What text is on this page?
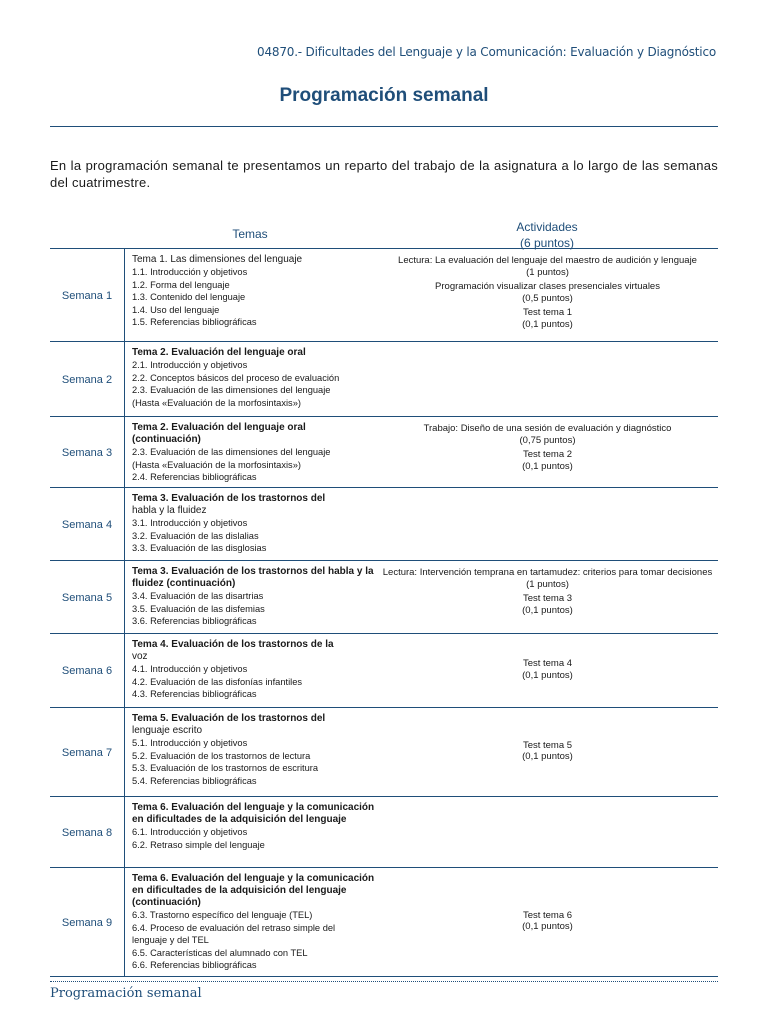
04870.- Dificultades del Lenguaje y la Comunicación: Evaluación y Diagnóstico
Programación semanal
En la programación semanal te presentamos un reparto del trabajo de la asignatura a lo largo de las semanas del cuatrimestre.
Temas	Actividades
(6 puntos)
Semana 1
Tema 1. Las dimensiones del lenguaje
1.1. Introducción y objetivos
1.2. Forma del lenguaje
1.3. Contenido del lenguaje
1.4. Uso del lenguaje
1.5. Referencias bibliográficas
Lectura: La evaluación del lenguaje del maestro de audición y lenguaje
(1 puntos)
Programación visualizar clases presenciales virtuales
(0,5 puntos)
Test tema 1
(0,1 puntos)
Semana 2
Tema 2. Evaluación del lenguaje oral
2.1. Introducción y objetivos
2.2. Conceptos básicos del proceso de evaluación
2.3. Evaluación de las dimensiones del lenguaje
(Hasta «Evaluación de la morfosintaxis»)
Semana 3
Tema 2. Evaluación del lenguaje oral (continuación)
2.3. Evaluación de las dimensiones del lenguaje
(Hasta «Evaluación de la morfosintaxis»)
2.4. Referencias bibliográficas
Trabajo: Diseño de una sesión de evaluación y diagnóstico
(0,75 puntos)
Test tema 2
(0,1 puntos)
Semana 4
Tema 3. Evaluación de los trastornos del
habla y la fluidez
3.1. Introducción y objetivos
3.2. Evaluación de las dislalias
3.3. Evaluación de las disglosias
Semana 5
Tema 3. Evaluación de los trastornos del habla y la fluidez (continuación)
3.4. Evaluación de las disartrias
3.5. Evaluación de las disfemias
3.6. Referencias bibliográficas
Lectura: Intervención temprana en tartamudez: criterios para tomar decisiones
(1 puntos)
Test tema 3
(0,1 puntos)
Semana 6
Tema 4. Evaluación de los trastornos de la
voz
4.1. Introducción y objetivos
4.2. Evaluación de las disfonías infantiles
4.3. Referencias bibliográficas
Test tema 4
(0,1 puntos)
Semana 7
Tema 5. Evaluación de los trastornos del
lenguaje escrito
5.1. Introducción y objetivos
5.2. Evaluación de los trastornos de lectura
5.3. Evaluación de los trastornos de escritura
5.4. Referencias bibliográficas
Test tema 5
(0,1 puntos)
Semana 8
Tema 6. Evaluación del lenguaje y la comunicación en dificultades de la adquisición del lenguaje
6.1. Introducción y objetivos
6.2. Retraso simple del lenguaje
Semana 9
Tema 6. Evaluación del lenguaje y la comunicación en dificultades de la adquisición del lenguaje (continuación)
6.3. Trastorno específico del lenguaje (TEL)
6.4. Proceso de evaluación del retraso simple del
lenguaje y del TEL
6.5. Características del alumnado con TEL
6.6. Referencias bibliográficas
Test tema 6
(0,1 puntos)
Programación semanal
